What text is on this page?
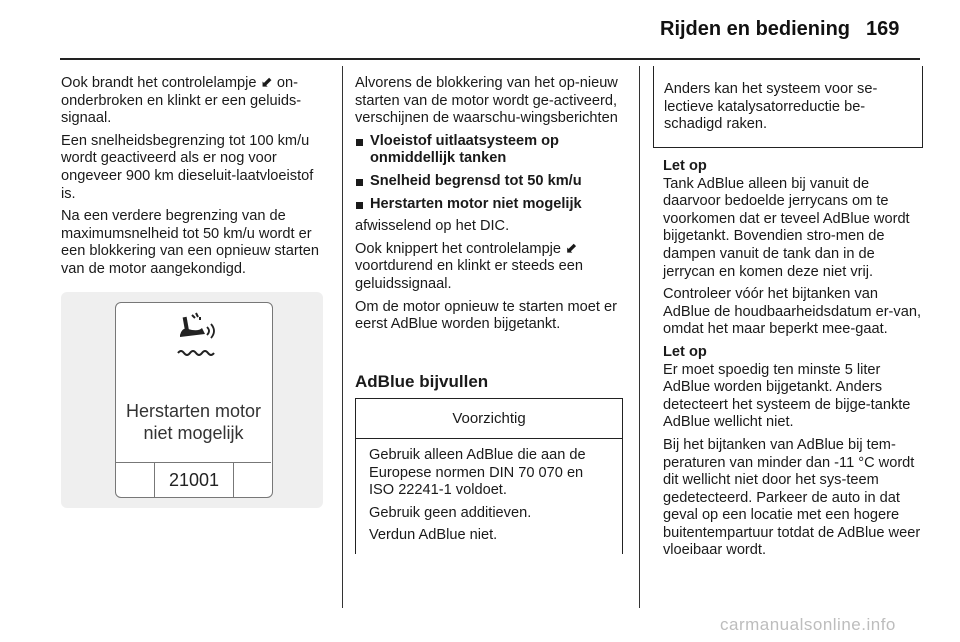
Rijden en bediening 169

Ook brandt het controlelampje ⬋ on-onderbroken en klinkt er een geluids-signaal.

Een snelheidsbegrenzing tot 100 km/u wordt geactiveerd als er nog voor ongeveer 900 km dieseluit-laatvloeistof is.

Na een verdere begrenzing van de maximumsnelheid tot 50 km/u wordt er een blokkering van een opnieuw starten van de motor aangekondigd.

Herstarten motor
niet mogelijk
21001

Alvorens de blokkering van het op-nieuw starten van de motor wordt ge-activeerd, verschijnen de waarschu-wingsberichten

Vloeistof uitlaatsysteem op onmiddellijk tanken
Snelheid begrensd tot 50 km/u
Herstarten motor niet mogelijk

afwisselend op het DIC.

Ook knippert het controlelampje ⬋ voortdurend en klinkt er steeds een geluidssignaal.

Om de motor opnieuw te starten moet er eerst AdBlue worden bijgetankt.

AdBlue bijvullen
Voorzichtig

Gebruik alleen AdBlue die aan de Europese normen DIN 70 070 en ISO 22241-1 voldoet.

Gebruik geen additieven.

Verdun AdBlue niet.

Anders kan het systeem voor se-lectieve katalysatorreductie be-schadigd raken.
Let op

Tank AdBlue alleen bij vanuit de daarvoor bedoelde jerrycans om te voorkomen dat er teveel AdBlue wordt bijgetankt. Bovendien stro-men de dampen vanuit de tank dan in de jerrycan en komen deze niet vrij.

Controleer vóór het bijtanken van AdBlue de houdbaarheidsdatum er-van, omdat het maar beperkt mee-gaat.

Let op

Er moet spoedig ten minste 5 liter AdBlue worden bijgetankt. Anders detecteert het systeem de bijge-tankte AdBlue wellicht niet.

Bij het bijtanken van AdBlue bij tem-peraturen van minder dan -11 °C wordt dit wellicht niet door het sys-teem gedetecteerd. Parkeer de auto in dat geval op een locatie met een hogere buitentempartuur totdat de AdBlue weer vloeibaar wordt.

carmanualsonline.info
